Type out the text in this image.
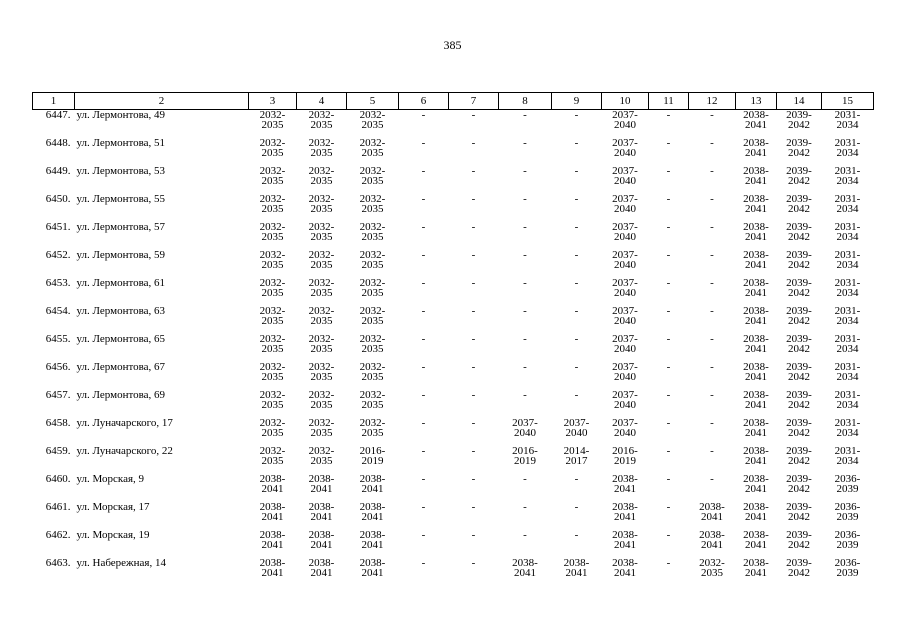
385
1	2	3	4	5	6	7	8	9	10	11	12	13	14	15
6447.	ул. Лермонтова, 49	2032-
2035	2032-
2035	2032-
2035	-	-	-	-	2037-
2040	-	-	2038-
2041	2039-
2042	2031-
2034

6448.	ул. Лермонтова, 51	2032-
2035	2032-
2035	2032-
2035	-	-	-	-	2037-
2040	-	-	2038-
2041	2039-
2042	2031-
2034

6449.	ул. Лермонтова, 53	2032-
2035	2032-
2035	2032-
2035	-	-	-	-	2037-
2040	-	-	2038-
2041	2039-
2042	2031-
2034

6450.	ул. Лермонтова, 55	2032-
2035	2032-
2035	2032-
2035	-	-	-	-	2037-
2040	-	-	2038-
2041	2039-
2042	2031-
2034

6451.	ул. Лермонтова, 57	2032-
2035	2032-
2035	2032-
2035	-	-	-	-	2037-
2040	-	-	2038-
2041	2039-
2042	2031-
2034

6452.	ул. Лермонтова, 59	2032-
2035	2032-
2035	2032-
2035	-	-	-	-	2037-
2040	-	-	2038-
2041	2039-
2042	2031-
2034

6453.	ул. Лермонтова, 61	2032-
2035	2032-
2035	2032-
2035	-	-	-	-	2037-
2040	-	-	2038-
2041	2039-
2042	2031-
2034

6454.	ул. Лермонтова, 63	2032-
2035	2032-
2035	2032-
2035	-	-	-	-	2037-
2040	-	-	2038-
2041	2039-
2042	2031-
2034

6455.	ул. Лермонтова, 65	2032-
2035	2032-
2035	2032-
2035	-	-	-	-	2037-
2040	-	-	2038-
2041	2039-
2042	2031-
2034

6456.	ул. Лермонтова, 67	2032-
2035	2032-
2035	2032-
2035	-	-	-	-	2037-
2040	-	-	2038-
2041	2039-
2042	2031-
2034

6457.	ул. Лермонтова, 69	2032-
2035	2032-
2035	2032-
2035	-	-	-	-	2037-
2040	-	-	2038-
2041	2039-
2042	2031-
2034

6458.	ул. Луначарского, 17	2032-
2035	2032-
2035	2032-
2035	-	-	2037-
2040	2037-
2040	2037-
2040	-	-	2038-
2041	2039-
2042	2031-
2034

6459.	ул. Луначарского, 22	2032-
2035	2032-
2035	2016-
2019	-	-	2016-
2019	2014-
2017	2016-
2019	-	-	2038-
2041	2039-
2042	2031-
2034

6460.	ул. Морская, 9	2038-
2041	2038-
2041	2038-
2041	-	-	-	-	2038-
2041	-	-	2038-
2041	2039-
2042	2036-
2039

6461.	ул. Морская, 17	2038-
2041	2038-
2041	2038-
2041	-	-	-	-	2038-
2041	-	2038-
2041	2038-
2041	2039-
2042	2036-
2039

6462.	ул. Морская, 19	2038-
2041	2038-
2041	2038-
2041	-	-	-	-	2038-
2041	-	2038-
2041	2038-
2041	2039-
2042	2036-
2039

6463.	ул. Набережная, 14	2038-
2041	2038-
2041	2038-
2041	-	-	2038-
2041	2038-
2041	2038-
2041	-	2032-
2035	2038-
2041	2039-
2042	2036-
2039
